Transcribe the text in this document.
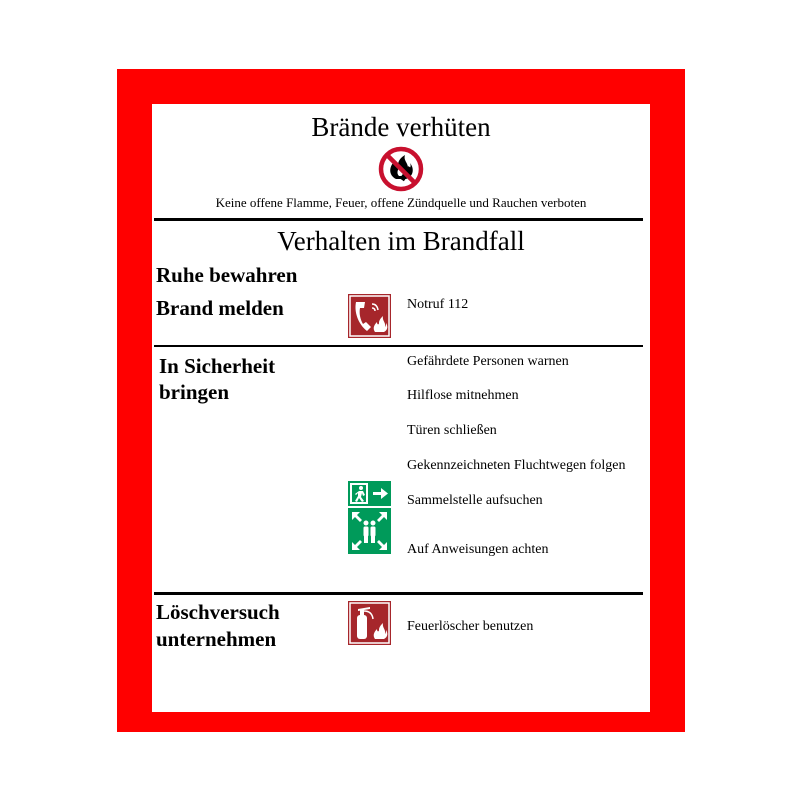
Brände verhüten
Keine offene Flamme, Feuer, offene Zündquelle und Rauchen verboten
Verhalten im Brandfall
Ruhe bewahren
Brand melden	Notruf 112
In Sicherheit
bringen
Gefährdete Personen warnen
Hilflose mitnehmen
Türen schließen
Gekennzeichneten Fluchtwegen folgen
Sammelstelle aufsuchen
Auf Anweisungen achten
Löschversuch
unternehmen
Feuerlöscher benutzen
